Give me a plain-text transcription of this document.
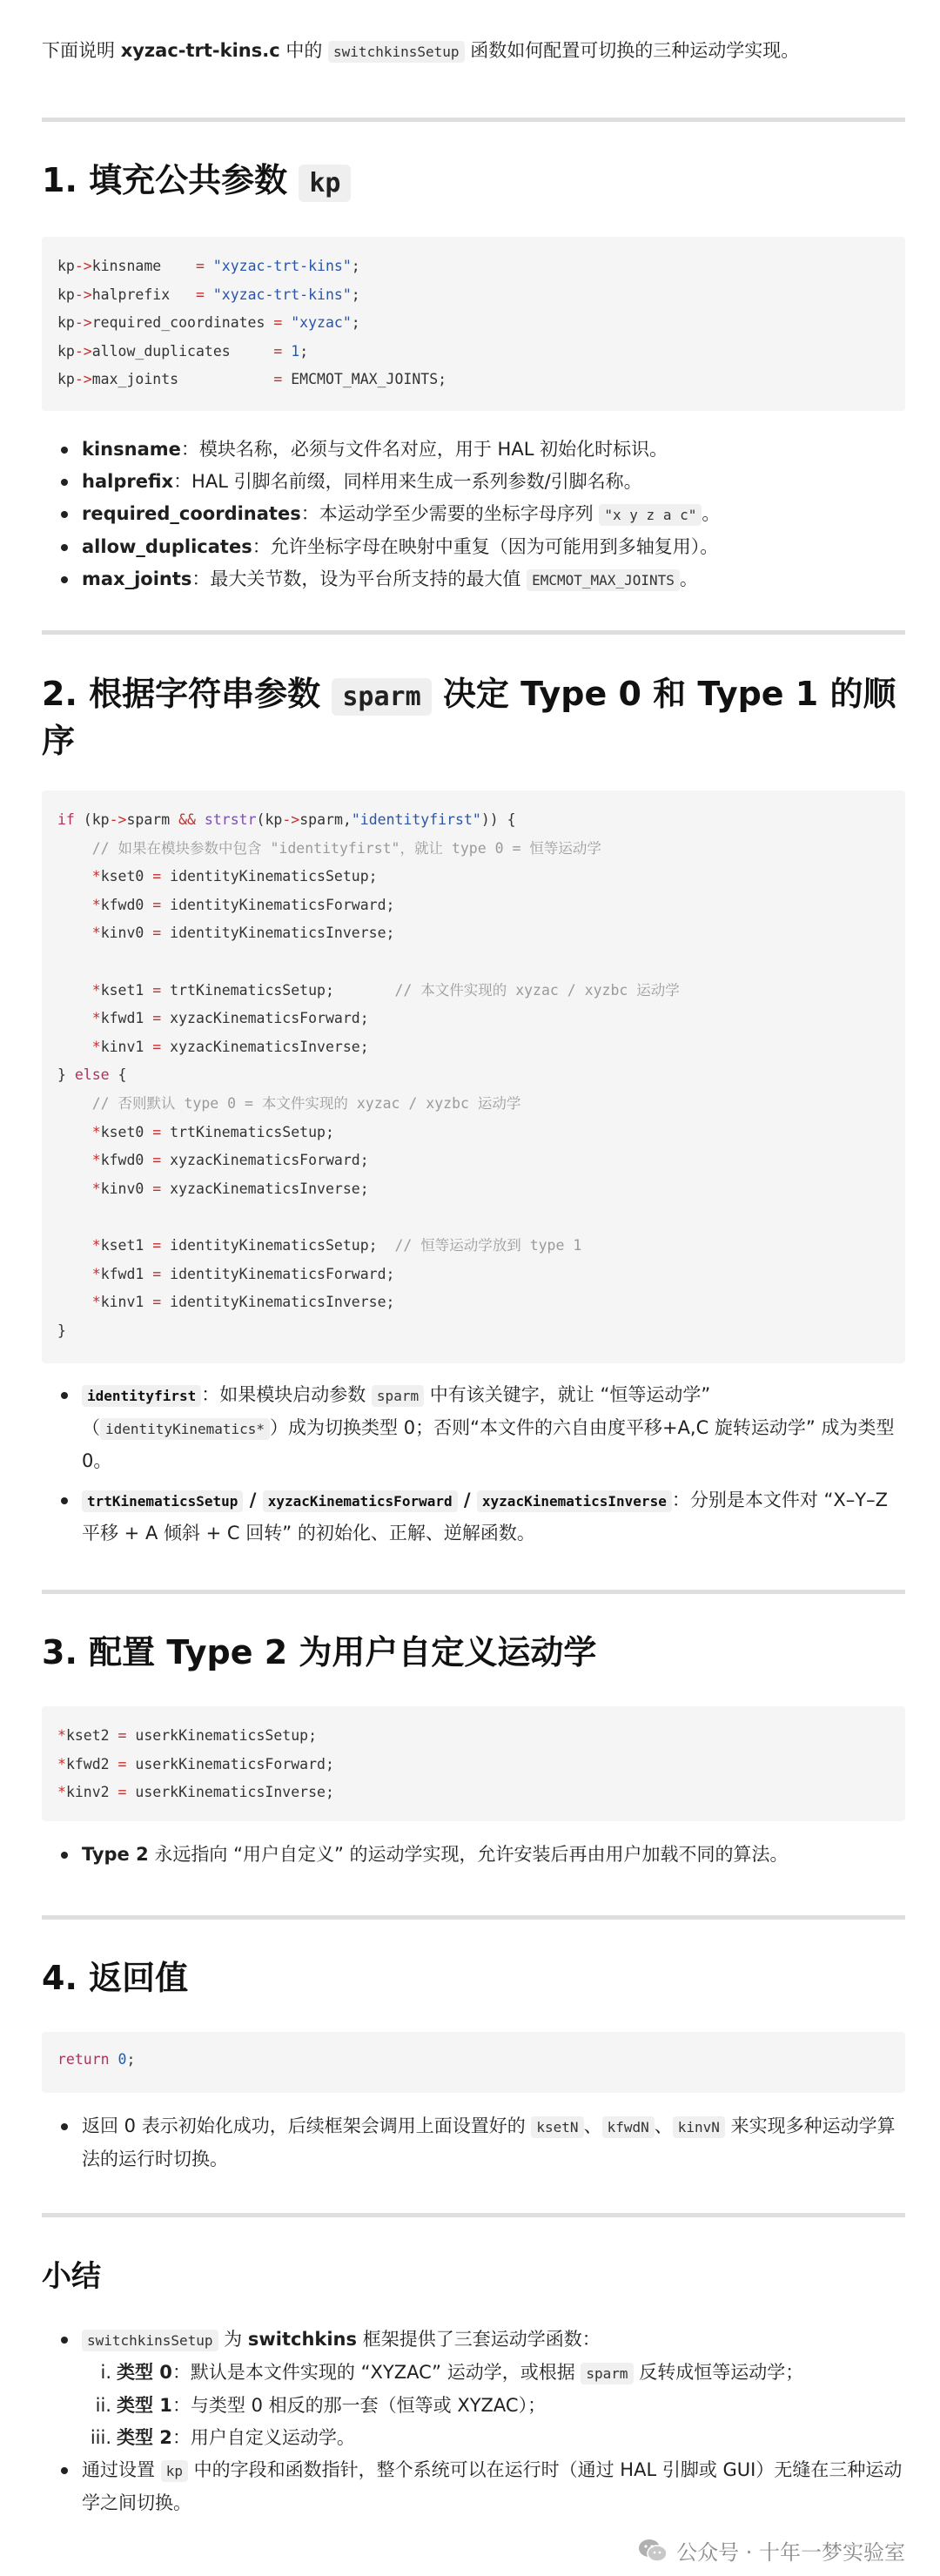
下面说明 xyzac-trt-kins.c 中的 switchkinsSetup 函数如何配置可切换的三种运动学实现。
1. 填充公共参数 kp
kp->kinsname    = "xyzac-trt-kins";
kp->halprefix   = "xyzac-trt-kins";
kp->required_coordinates = "xyzac";
kp->allow_duplicates     = 1;
kp->max_joints           = EMCMOT_MAX_JOINTS;
kinsname：模块名称，必须与文件名对应，用于 HAL 初始化时标识。
halprefix：HAL 引脚名前缀，同样用来生成一系列参数/引脚名称。
required_coordinates：本运动学至少需要的坐标字母序列 "x y z a c" 。
allow_duplicates：允许坐标字母在映射中重复（因为可能用到多轴复用）。
max_joints：最大关节数，设为平台所支持的最大值 EMCMOT_MAX_JOINTS 。
2. 根据字符串参数 sparm 决定 Type 0 和 Type 1 的顺序
if (kp->sparm && strstr(kp->sparm,"identityfirst")) {
// 如果在模块参数中包含 "identityfirst"，就让 type 0 = 恒等运动学
*kset0 = identityKinematicsSetup;
*kfwd0 = identityKinematicsForward;
*kinv0 = identityKinematicsInverse;

*kset1 = trtKinematicsSetup;       // 本文件实现的 xyzac / xyzbc 运动学
*kfwd1 = xyzacKinematicsForward;
*kinv1 = xyzacKinematicsInverse;
} else {
// 否则默认 type 0 = 本文件实现的 xyzac / xyzbc 运动学
*kset0 = trtKinematicsSetup;
*kfwd0 = xyzacKinematicsForward;
*kinv0 = xyzacKinematicsInverse;

*kset1 = identityKinematicsSetup;  // 恒等运动学放到 type 1
*kfwd1 = identityKinematicsForward;
*kinv1 = identityKinematicsInverse;
}
identityfirst ：如果模块启动参数 sparm 中有该关键字，就让 “恒等运动学”
（ identityKinematics* ）成为切换类型 0；否则“本文件的六自由度平移+A,C 旋转运动学” 成为类型 0。
trtKinematicsSetup / xyzacKinematicsForward / xyzacKinematicsInverse ：分别是本文件对 “X–Y–Z 平移 + A 倾斜 + C 回转” 的初始化、正解、逆解函数。
3. 配置 Type 2 为用户自定义运动学
*kset2 = userkKinematicsSetup;
*kfwd2 = userkKinematicsForward;
*kinv2 = userkKinematicsInverse;
Type 2 永远指向 “用户自定义” 的运动学实现，允许安装后再由用户加载不同的算法。
4. 返回值
return 0;
返回 0 表示初始化成功，后续框架会调用上面设置好的 ksetN 、 kfwdN 、 kinvN 来实现多种运动学算法的运行时切换。
小结
switchkinsSetup 为 switchkins 框架提供了三套运动学函数：
i. 类型 0：默认是本文件实现的 “XYZAC” 运动学，或根据 sparm 反转成恒等运动学；
ii. 类型 1：与类型 0 相反的那一套（恒等或 XYZAC）；
iii. 类型 2：用户自定义运动学。
通过设置 kp 中的字段和函数指针，整个系统可以在运行时（通过 HAL 引脚或 GUI）无缝在三种运动学之间切换。
公众号 · 十年一梦实验室
